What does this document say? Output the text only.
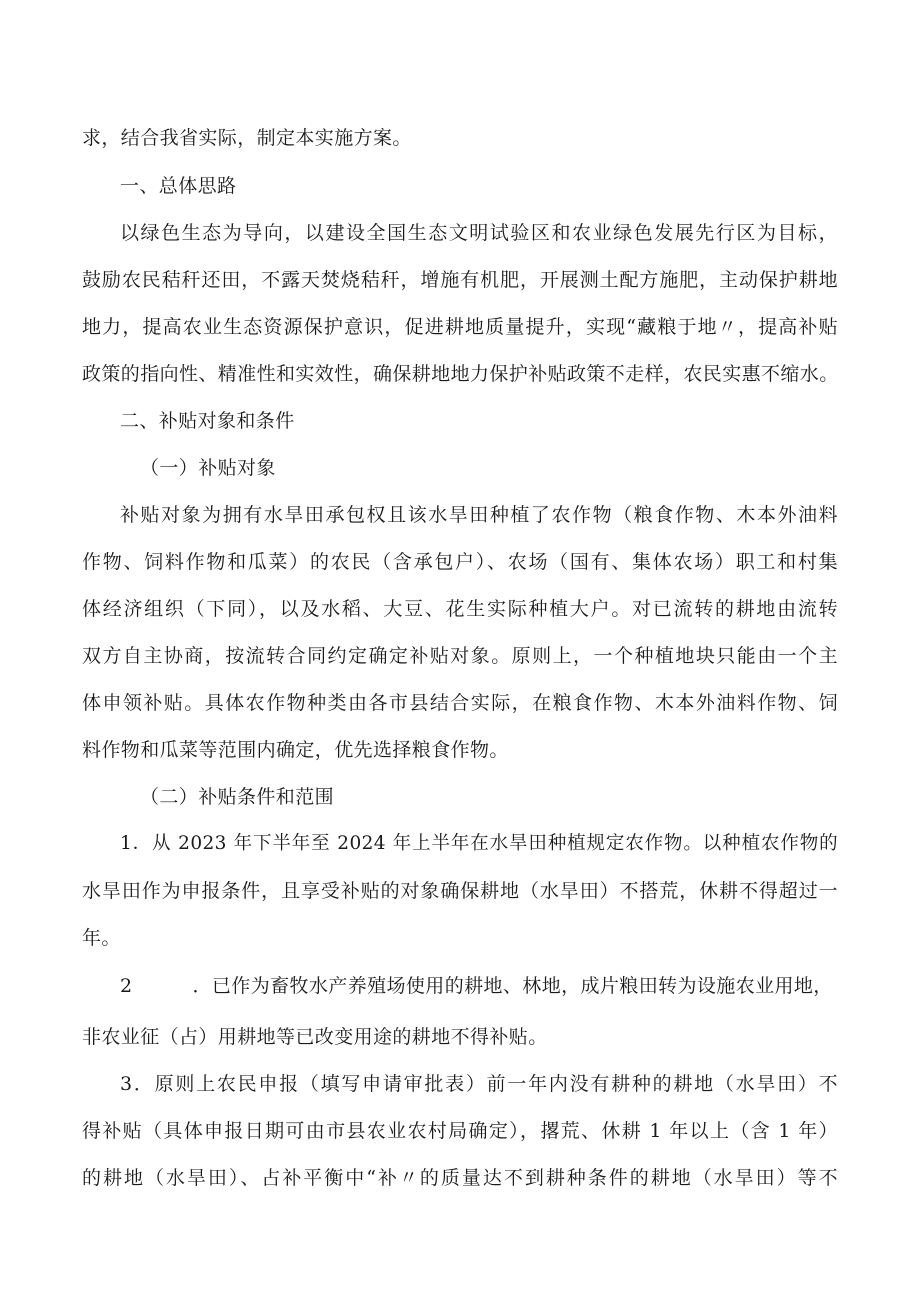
求，结合我省实际，制定本实施方案。
一、总体思路
以绿色生态为导向，以建设全国生态文明试验区和农业绿色发展先行区为目标，
鼓励农民秸秆还田，不露天焚烧秸秆，增施有机肥，开展测土配方施肥，主动保护耕地
地力，提高农业生态资源保护意识，促进耕地质量提升，实现“藏粮于地〃，提高补贴
政策的指向性、精准性和实效性，确保耕地地力保护补贴政策不走样，农民实惠不缩水。
二、补贴对象和条件
（一）补贴对象
补贴对象为拥有水旱田承包权且该水旱田种植了农作物（粮食作物、木本外油料
作物、饲料作物和瓜菜）的农民（含承包户）、农场（国有、集体农场）职工和村集
体经济组织（下同），以及水稻、大豆、花生实际种植大户。对已流转的耕地由流转
双方自主协商，按流转合同约定确定补贴对象。原则上，一个种植地块只能由一个主
体申领补贴。具体农作物种类由各市县结合实际，在粮食作物、木本外油料作物、饲
料作物和瓜菜等范围内确定，优先选择粮食作物。
（二）补贴条件和范围
1．从 2023 年下半年至 2024 年上半年在水旱田种植规定农作物。以种植农作物的
水旱田作为申报条件，且享受补贴的对象确保耕地（水旱田）不搭荒，休耕不得超过一
年。
2	．已作为畜牧水产养殖场使用的耕地、林地，成片粮田转为设施农业用地，
非农业征（占）用耕地等已改变用途的耕地不得补贴。
3．原则上农民申报（填写申请审批表）前一年内没有耕种的耕地（水旱田）不
得补贴（具体申报日期可由市县农业农村局确定），撂荒、休耕 1 年以上（含 1 年）
的耕地（水旱田）、占补平衡中“补〃的质量达不到耕种条件的耕地（水旱田）等不
